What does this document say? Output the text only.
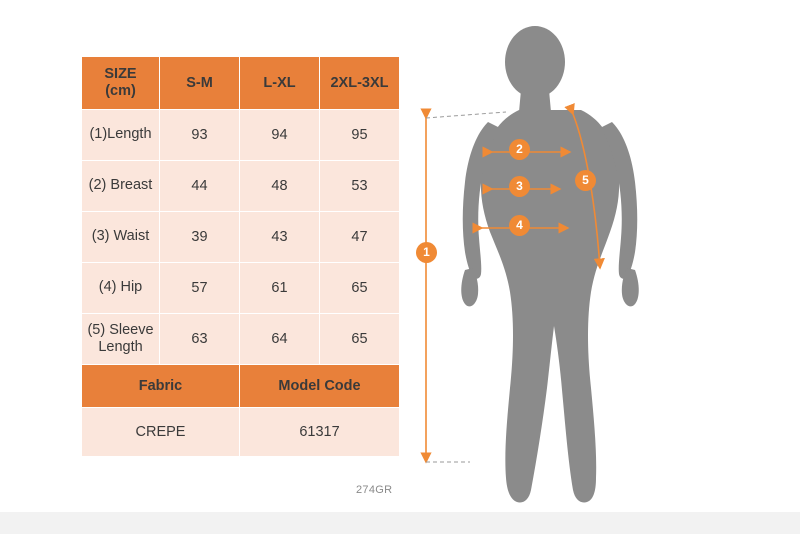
SIZE
(cm)	S-M	L-XL	2XL-3XL
(1)Length	93	94	95
(2) Breast	44	48	53
(3) Waist	39	43	47
(4) Hip	57	61	65
(5) Sleeve Length	63	64	65
Fabric		Model Code	
CREPE		61317	
274GR
1
2
3
4
5
